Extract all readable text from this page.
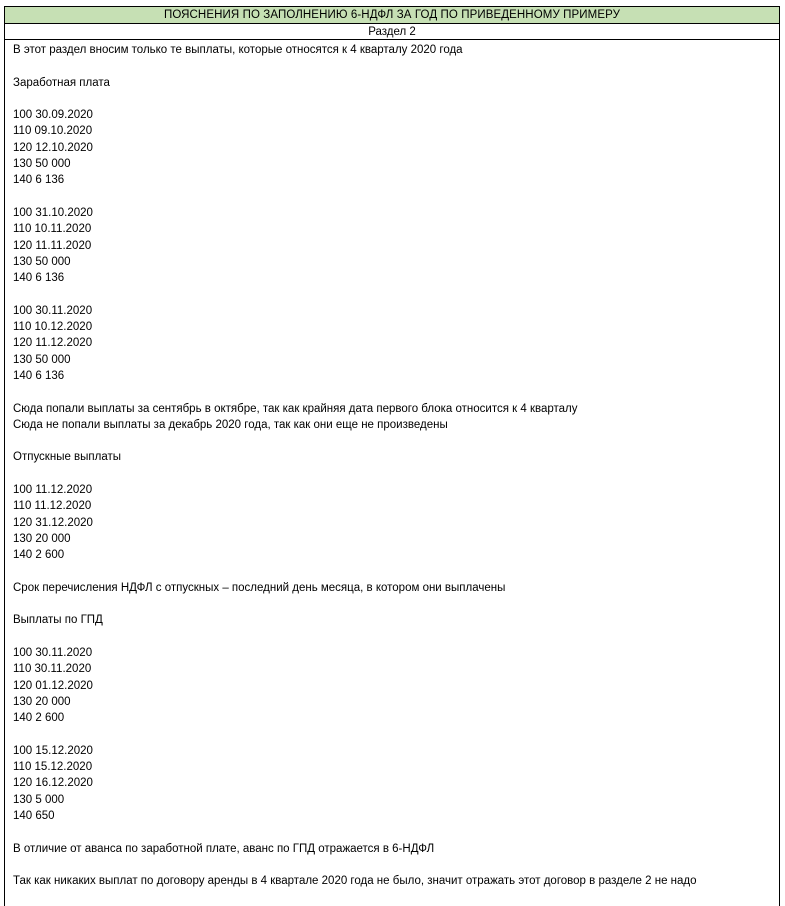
ПОЯСНЕНИЯ ПО ЗАПОЛНЕНИЮ 6-НДФЛ ЗА ГОД ПО ПРИВЕДЕННОМУ ПРИМЕРУ
Раздел 2
В этот раздел вносим только те выплаты, которые относятся к 4 кварталу 2020 года
Заработная плата
100 30.09.2020
110 09.10.2020
120 12.10.2020
130 50 000
140 6 136
100 31.10.2020
110 10.11.2020
120 11.11.2020
130 50 000
140 6 136
100 30.11.2020
110 10.12.2020
120 11.12.2020
130 50 000
140 6 136
Сюда попали выплаты за сентябрь в октябре, так как крайняя дата первого блока относится к 4 кварталу
Сюда не попали выплаты за декабрь 2020 года, так как они еще не произведены
Отпускные выплаты
100 11.12.2020
110 11.12.2020
120 31.12.2020
130 20 000
140 2 600
Срок перечисления НДФЛ с отпускных – последний день месяца, в котором они выплачены
Выплаты по ГПД
100 30.11.2020
110 30.11.2020
120 01.12.2020
130 20 000
140 2 600
100 15.12.2020
110 15.12.2020
120 16.12.2020
130 5 000
140 650
В отличие от аванса по заработной плате, аванс по ГПД отражается в 6-НДФЛ
Так как никаких выплат по договору аренды в 4 квартале 2020 года не было, значит отражать этот договор в разделе 2 не надо
